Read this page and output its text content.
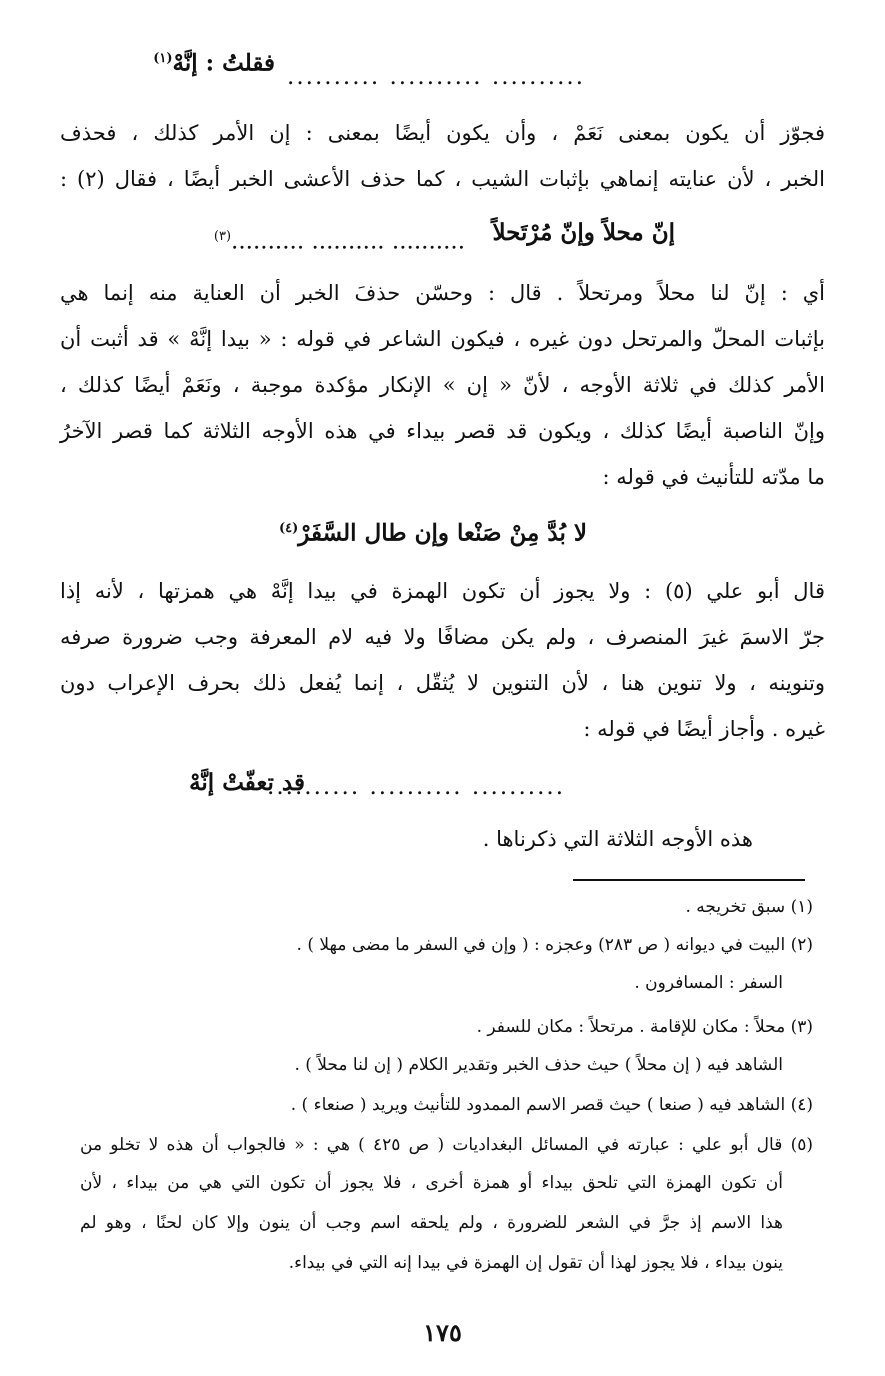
فقلتُ : إنَّهْ$^{(١)}$
.......... .......... ..........
فجوّز أن يكون بمعنى نَعَمْ ، وأن يكون أيضًا بمعنى : إن الأمر كذلك ، فحذف
الخبر ، لأن عنايته إنماهي بإثبات الشيب ، كما حذف الأعشى الخبر أيضًا ، فقال (٢) :
إنّ محلاً وإنّ مُرْتَحلاً
.......... .......... ..........$^{(٣)}$
أي : إنّ لنا محلاً ومرتحلاً . قال : وحسّن حذفَ الخبر أن العناية منه إنما هي
بإثبات المحلّ والمرتحل دون غيره ، فيكون الشاعر في قوله : « بيدا إنَّهْ » قد أثبت أن
الأمر كذلك في ثلاثة الأوجه ، لأنّ « إن » الإنكار مؤكدة موجبة ، ونَعَمْ أيضًا كذلك ،
وإنّ الناصبة أيضًا كذلك ، ويكون قد قصر بيداء في هذه الأوجه الثلاثة كما قصر الآخرُ
ما مدّته للتأنيث في قوله :
لا بُدَّ مِنْ صَنْعا وإن طال السَّفَرْ$^{(٤)}$
قال أبو علي (٥) : ولا يجوز أن تكون الهمزة في بيدا إنَّهْ هي همزتها ، لأنه إذا
جرّ الاسمَ غيرَ المنصرف ، ولم يكن مضافًا ولا فيه لام المعرفة وجب ضرورة صرفه
وتنوينه ، ولا تنوين هنا ، لأن التنوين لا يُثقّل ، إنما يُفعل ذلك بحرف الإعراب دون
غيره . وأجاز أيضًا في قوله :
قد تعفّتْ إنَّهْ
.......... .......... ..........
هذه الأوجه الثلاثة التي ذكرناها .
(١) سبق تخريجه .
(٢) البيت في ديوانه ( ص ٢٨٣) وعجزه : ( وإن في السفر ما مضى مهلا ) .
السفر : المسافرون .
(٣) محلاً : مكان للإقامة . مرتحلاً : مكان للسفر .
الشاهد فيه ( إن محلاً ) حيث حذف الخبر وتقدير الكلام ( إن لنا محلاً ) .
(٤) الشاهد فيه ( صنعا ) حيث قصر الاسم الممدود للتأنيث ويريد ( صنعاء ) .
(٥) قال أبو علي : عبارته في المسائل البغداديات ( ص ٤٢٥ ) هي : « فالجواب أن هذه لا تخلو من
أن تكون الهمزة التي تلحق بيداء أو همزة أخرى ، فلا يجوز أن تكون التي هي من بيداء ، لأن
هذا الاسم إذ جرَّ في الشعر للضرورة ، ولم يلحقه اسم وجب أن ينون وإلا كان لحنًا ، وهو لم
ينون بيداء ، فلا يجوز لهذا أن تقول إن الهمزة في بيدا إنه التي في بيداء.
١٧٥
